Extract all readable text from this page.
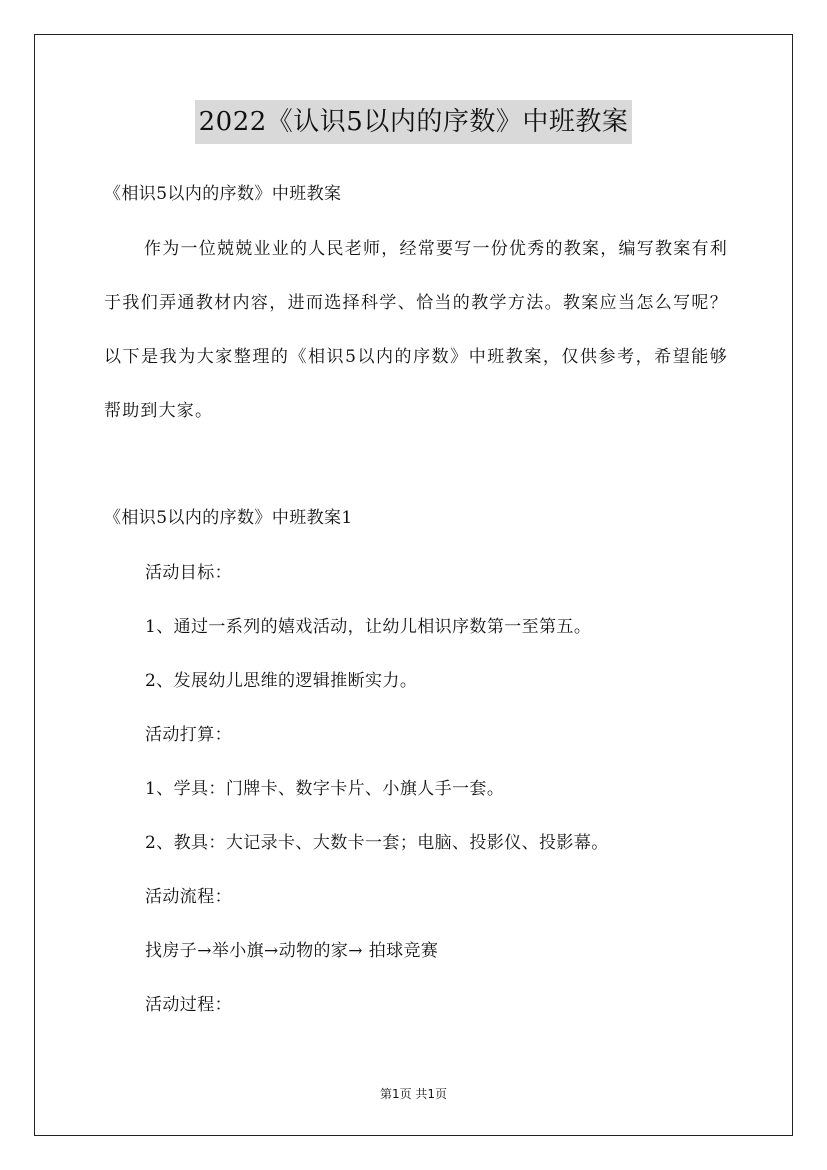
2022《认识5以内的序数》中班教案
《相识5以内的序数》中班教案
作为一位兢兢业业的人民老师，经常要写一份优秀的教案，编写教案有利于我们弄通教材内容，进而选择科学、恰当的教学方法。教案应当怎么写呢？以下是我为大家整理的《相识5以内的序数》中班教案，仅供参考，希望能够帮助到大家。
《相识5以内的序数》中班教案1
活动目标：
1、通过一系列的嬉戏活动，让幼儿相识序数第一至第五。
2、发展幼儿思维的逻辑推断实力。
活动打算：
1、学具：门牌卡、数字卡片、小旗人手一套。
2、教具：大记录卡、大数卡一套；电脑、投影仪、投影幕。
活动流程：
找房子→举小旗→动物的家→ 拍球竞赛
活动过程：
第1页 共1页
